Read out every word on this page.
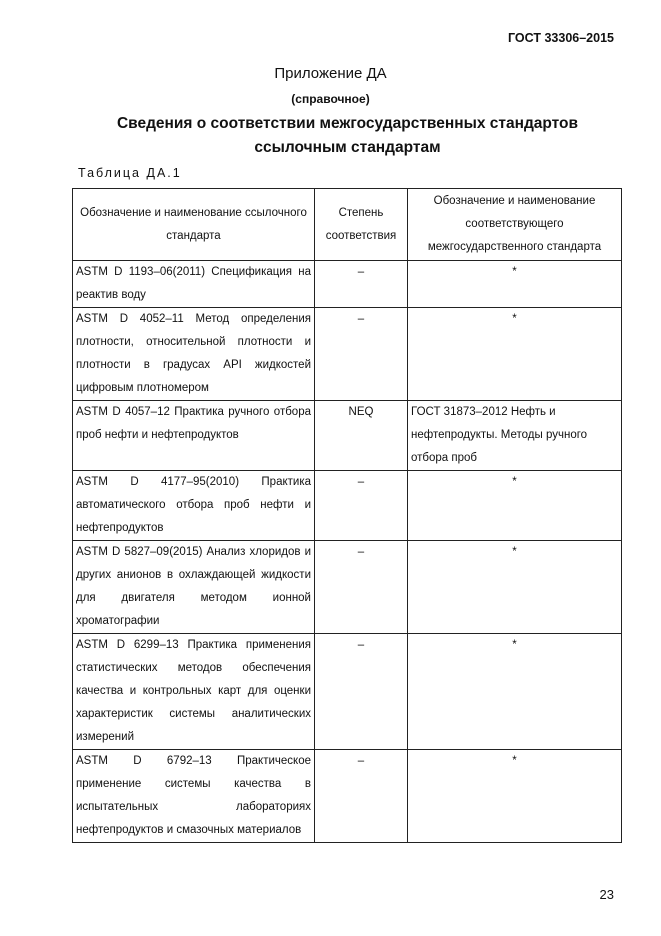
ГОСТ 33306–2015
Приложение ДА
(справочное)
Сведения о соответствии межгосударственных стандартов ссылочным стандартам
Таблица ДА.1
Обозначение и наименование ссылочного стандарта	Степень соответствия	Обозначение и наименование соответствующего межгосударственного стандарта
ASTM D 1193–06(2011) Спецификация на реактив воду	–	*
ASTM D 4052–11 Метод определения плотности, относительной плотности и плотности в градусах API жидкостей цифровым плотномером	–	*
ASTM D 4057–12 Практика ручного отбора проб нефти и нефтепродуктов	NEQ	ГОСТ 31873–2012 Нефть и нефтепродукты. Методы ручного отбора проб
ASTM D 4177–95(2010) Практика автоматического отбора проб нефти и нефтепродуктов	–	*
ASTM D 5827–09(2015) Анализ хлоридов и других анионов в охлаждающей жидкости для двигателя методом ионной хроматографии	–	*
ASTM D 6299–13 Практика применения статистических методов обеспечения качества и контрольных карт для оценки характеристик системы аналитических измерений	–	*
ASTM D 6792–13 Практическое применение системы качества в испытательных лабораториях нефтепродуктов и смазочных материалов	–	*
23
